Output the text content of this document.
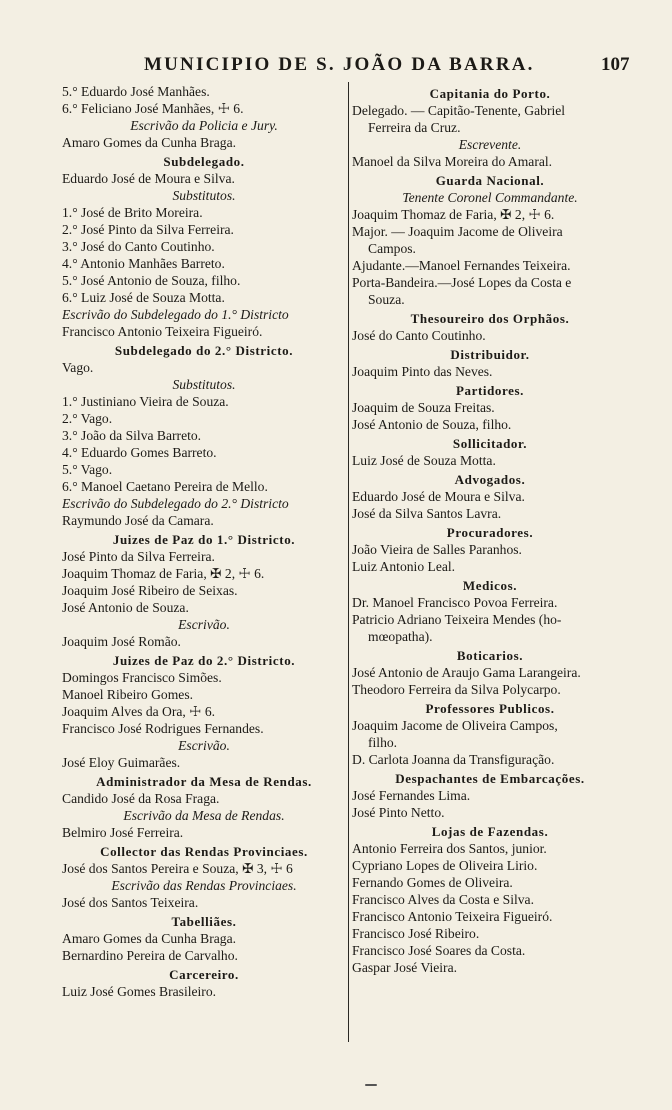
MUNICIPIO DE S. JOÃO DA BARRA.	107
5.° Eduardo José Manhães.
6.° Feliciano José Manhães, ☩ 6.
Escrivão da Policia e Jury.
Amaro Gomes da Cunha Braga.
Subdelegado.
Eduardo José de Moura e Silva.
Substitutos.
1.° José de Brito Moreira.
2.° José Pinto da Silva Ferreira.
3.° José do Canto Coutinho.
4.° Antonio Manhães Barreto.
5.° José Antonio de Souza, filho.
6.° Luiz José de Souza Motta.
Escrivão do Subdelegado do 1.° Districto
Francisco Antonio Teixeira Figueiró.
Subdelegado do 2.° Districto.
Vago.
Substitutos.
1.° Justiniano Vieira de Souza.
2.° Vago.
3.° João da Silva Barreto.
4.° Eduardo Gomes Barreto.
5.° Vago.
6.° Manoel Caetano Pereira de Mello.
Escrivão do Subdelegado do 2.° Districto
Raymundo José da Camara.
Juizes de Paz do 1.° Districto.
José Pinto da Silva Ferreira.
Joaquim Thomaz de Faria, ✠ 2, ☩ 6.
Joaquim José Ribeiro de Seixas.
José Antonio de Souza.
Escrivão.
Joaquim José Romão.
Juizes de Paz do 2.° Districto.
Domingos Francisco Simões.
Manoel Ribeiro Gomes.
Joaquim Alves da Ora, ☩ 6.
Francisco José Rodrigues Fernandes.
Escrivão.
José Eloy Guimarães.
Administrador da Mesa de Rendas.
Candido José da Rosa Fraga.
Escrivão da Mesa de Rendas.
Belmiro José Ferreira.
Collector das Rendas Provinciaes.
José dos Santos Pereira e Souza, ✠ 3, ☩ 6
Escrivão das Rendas Provinciaes.
José dos Santos Teixeira.
Tabelliães.
Amaro Gomes da Cunha Braga.
Bernardino Pereira de Carvalho.
Carcereiro.
Luiz José Gomes Brasileiro.
Capitania do Porto.
Delegado. — Capitão-Tenente, Gabriel
Ferreira da Cruz.
Escrevente.
Manoel da Silva Moreira do Amaral.
Guarda Nacional.
Tenente Coronel Commandante.
Joaquim Thomaz de Faria, ✠ 2, ☩ 6.
Major. — Joaquim Jacome de Oliveira
Campos.
Ajudante.—Manoel Fernandes Teixeira.
Porta-Bandeira.—José Lopes da Costa e
Souza.
Thesoureiro dos Orphãos.
José do Canto Coutinho.
Distribuidor.
Joaquim Pinto das Neves.
Partidores.
Joaquim de Souza Freitas.
José Antonio de Souza, filho.
Sollicitador.
Luiz José de Souza Motta.
Advogados.
Eduardo José de Moura e Silva.
José da Silva Santos Lavra.
Procuradores.
João Vieira de Salles Paranhos.
Luiz Antonio Leal.
Medicos.
Dr. Manoel Francisco Povoa Ferreira.
Patricio Adriano Teixeira Mendes (ho-
mœopatha).
Boticarios.
José Antonio de Araujo Gama Larangeira.
Theodoro Ferreira da Silva Polycarpo.
Professores Publicos.
Joaquim Jacome de Oliveira Campos,
filho.
D. Carlota Joanna da Transfiguração.
Despachantes de Embarcações.
José Fernandes Lima.
José Pinto Netto.
Lojas de Fazendas.
Antonio Ferreira dos Santos, junior.
Cypriano Lopes de Oliveira Lirio.
Fernando Gomes de Oliveira.
Francisco Alves da Costa e Silva.
Francisco Antonio Teixeira Figueiró.
Francisco José Ribeiro.
Francisco José Soares da Costa.
Gaspar José Vieira.
